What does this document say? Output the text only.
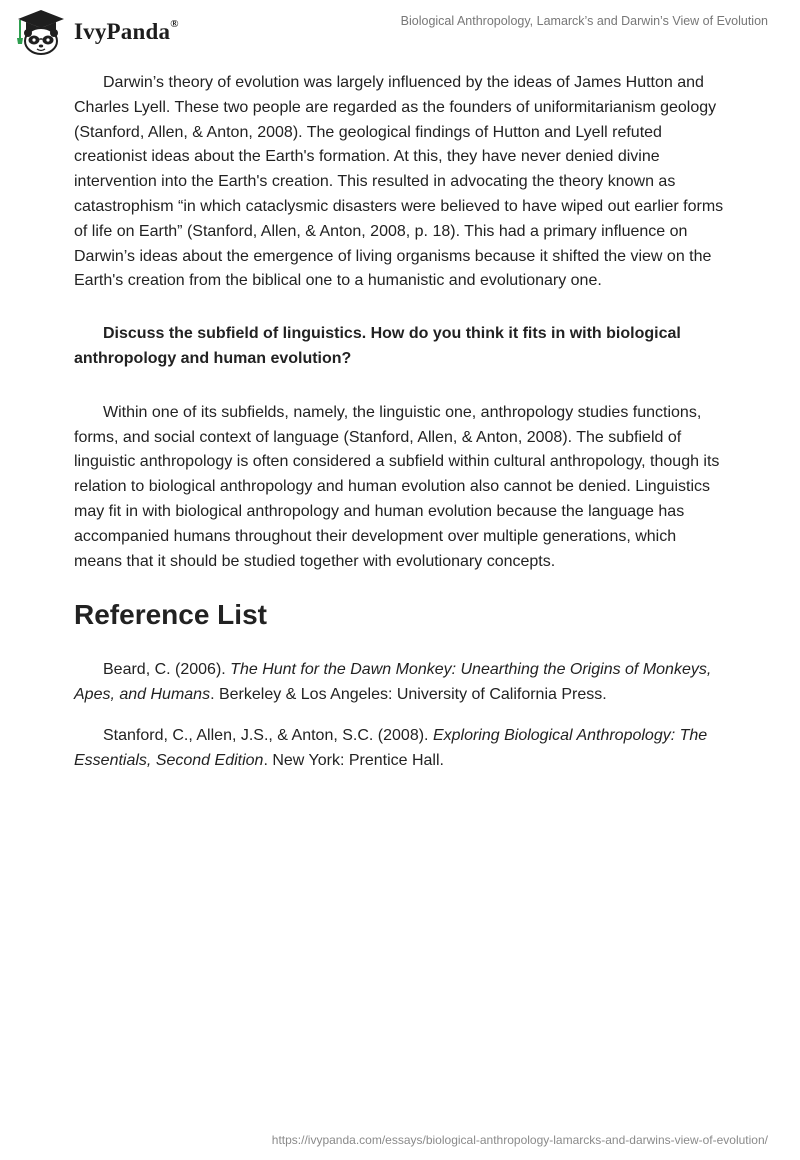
IvyPanda®	Biological Anthropology, Lamarck’s and Darwin’s View of Evolution

Darwin’s theory of evolution was largely influenced by the ideas of James Hutton and Charles Lyell. These two people are regarded as the founders of uniformitarianism geology (Stanford, Allen, & Anton, 2008). The geological findings of Hutton and Lyell refuted creationist ideas about the Earth's formation. At this, they have never denied divine intervention into the Earth's creation. This resulted in advocating the theory known as catastrophism “in which cataclysmic disasters were believed to have wiped out earlier forms of life on Earth” (Stanford, Allen, & Anton, 2008, p. 18). This had a primary influence on Darwin’s ideas about the emergence of living organisms because it shifted the view on the Earth's creation from the biblical one to a humanistic and evolutionary one.

Discuss the subfield of linguistics. How do you think it fits in with biological anthropology and human evolution?

Within one of its subfields, namely, the linguistic one, anthropology studies functions, forms, and social context of language (Stanford, Allen, & Anton, 2008). The subfield of linguistic anthropology is often considered a subfield within cultural anthropology, though its relation to biological anthropology and human evolution also cannot be denied. Linguistics may fit in with biological anthropology and human evolution because the language has accompanied humans throughout their development over multiple generations, which means that it should be studied together with evolutionary concepts.

Reference List

Beard, C. (2006). The Hunt for the Dawn Monkey: Unearthing the Origins of Monkeys, Apes, and Humans. Berkeley & Los Angeles: University of California Press.

Stanford, C., Allen, J.S., & Anton, S.C. (2008). Exploring Biological Anthropology: The Essentials, Second Edition. New York: Prentice Hall.

https://ivypanda.com/essays/biological-anthropology-lamarcks-and-darwins-view-of-evolution/
